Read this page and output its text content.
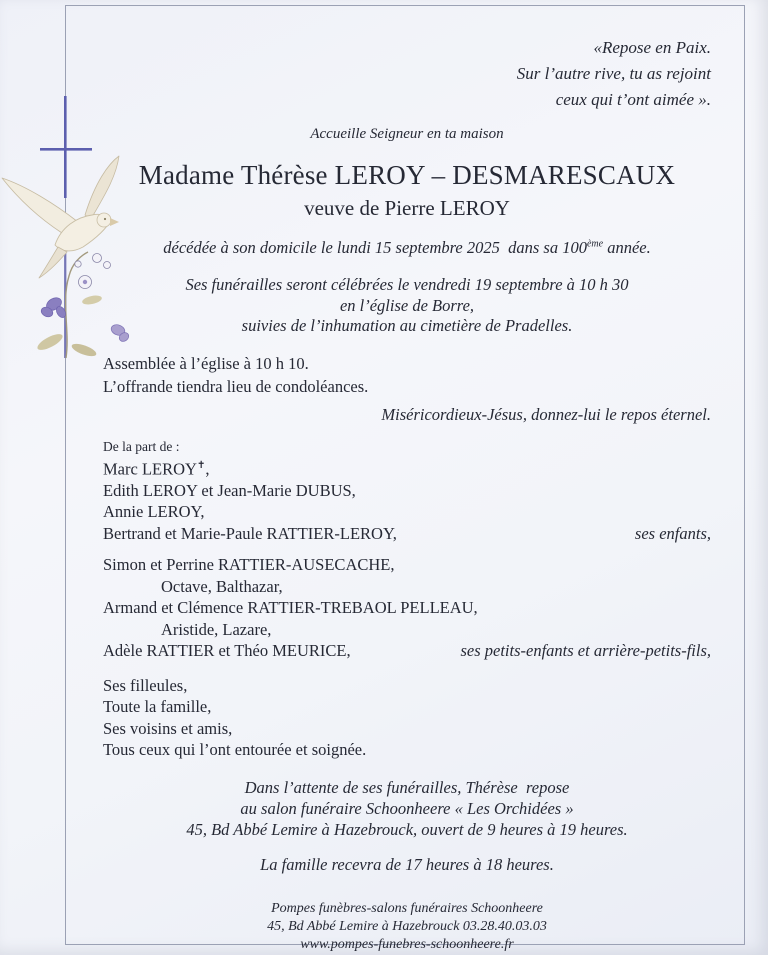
«Repose en Paix.
Sur l’autre rive, tu as rejoint
ceux qui t’ont aimée ».
Accueille Seigneur en ta maison
Madame Thérèse LEROY – DESMARESCAUX
veuve de Pierre LEROY
décédée à son domicile le lundi 15 septembre 2025  dans sa 100ème année.
Ses funérailles seront célébrées le vendredi 19 septembre à 10 h 30
en l’église de Borre,
suivies de l’inhumation au cimetière de Pradelles.
Assemblée à l’église à 10 h 10.
L’offrande tiendra lieu de condoléances.
Miséricordieux-Jésus, donnez-lui le repos éternel.
De la part de :
Marc LEROY✝,
Edith LEROY et Jean-Marie DUBUS,
Annie LEROY,
Bertrand et Marie-Paule RATTIER-LEROY,	ses enfants,
Simon et Perrine RATTIER-AUSECACHE,
Octave, Balthazar,
Armand et Clémence RATTIER-TREBAOL PELLEAU,
Aristide, Lazare,
Adèle RATTIER et Théo MEURICE,	ses petits-enfants et arrière-petits-fils,
Ses filleules,
Toute la famille,
Ses voisins et amis,
Tous ceux qui l’ont entourée et soignée.
Dans l’attente de ses funérailles, Thérèse  repose
au salon funéraire Schoonheere « Les Orchidées »
45, Bd Abbé Lemire à Hazebrouck, ouvert de 9 heures à 19 heures.
La famille recevra de 17 heures à 18 heures.
Pompes funèbres-salons funéraires Schoonheere
45, Bd Abbé Lemire à Hazebrouck 03.28.40.03.03
www.pompes-funebres-schoonheere.fr
